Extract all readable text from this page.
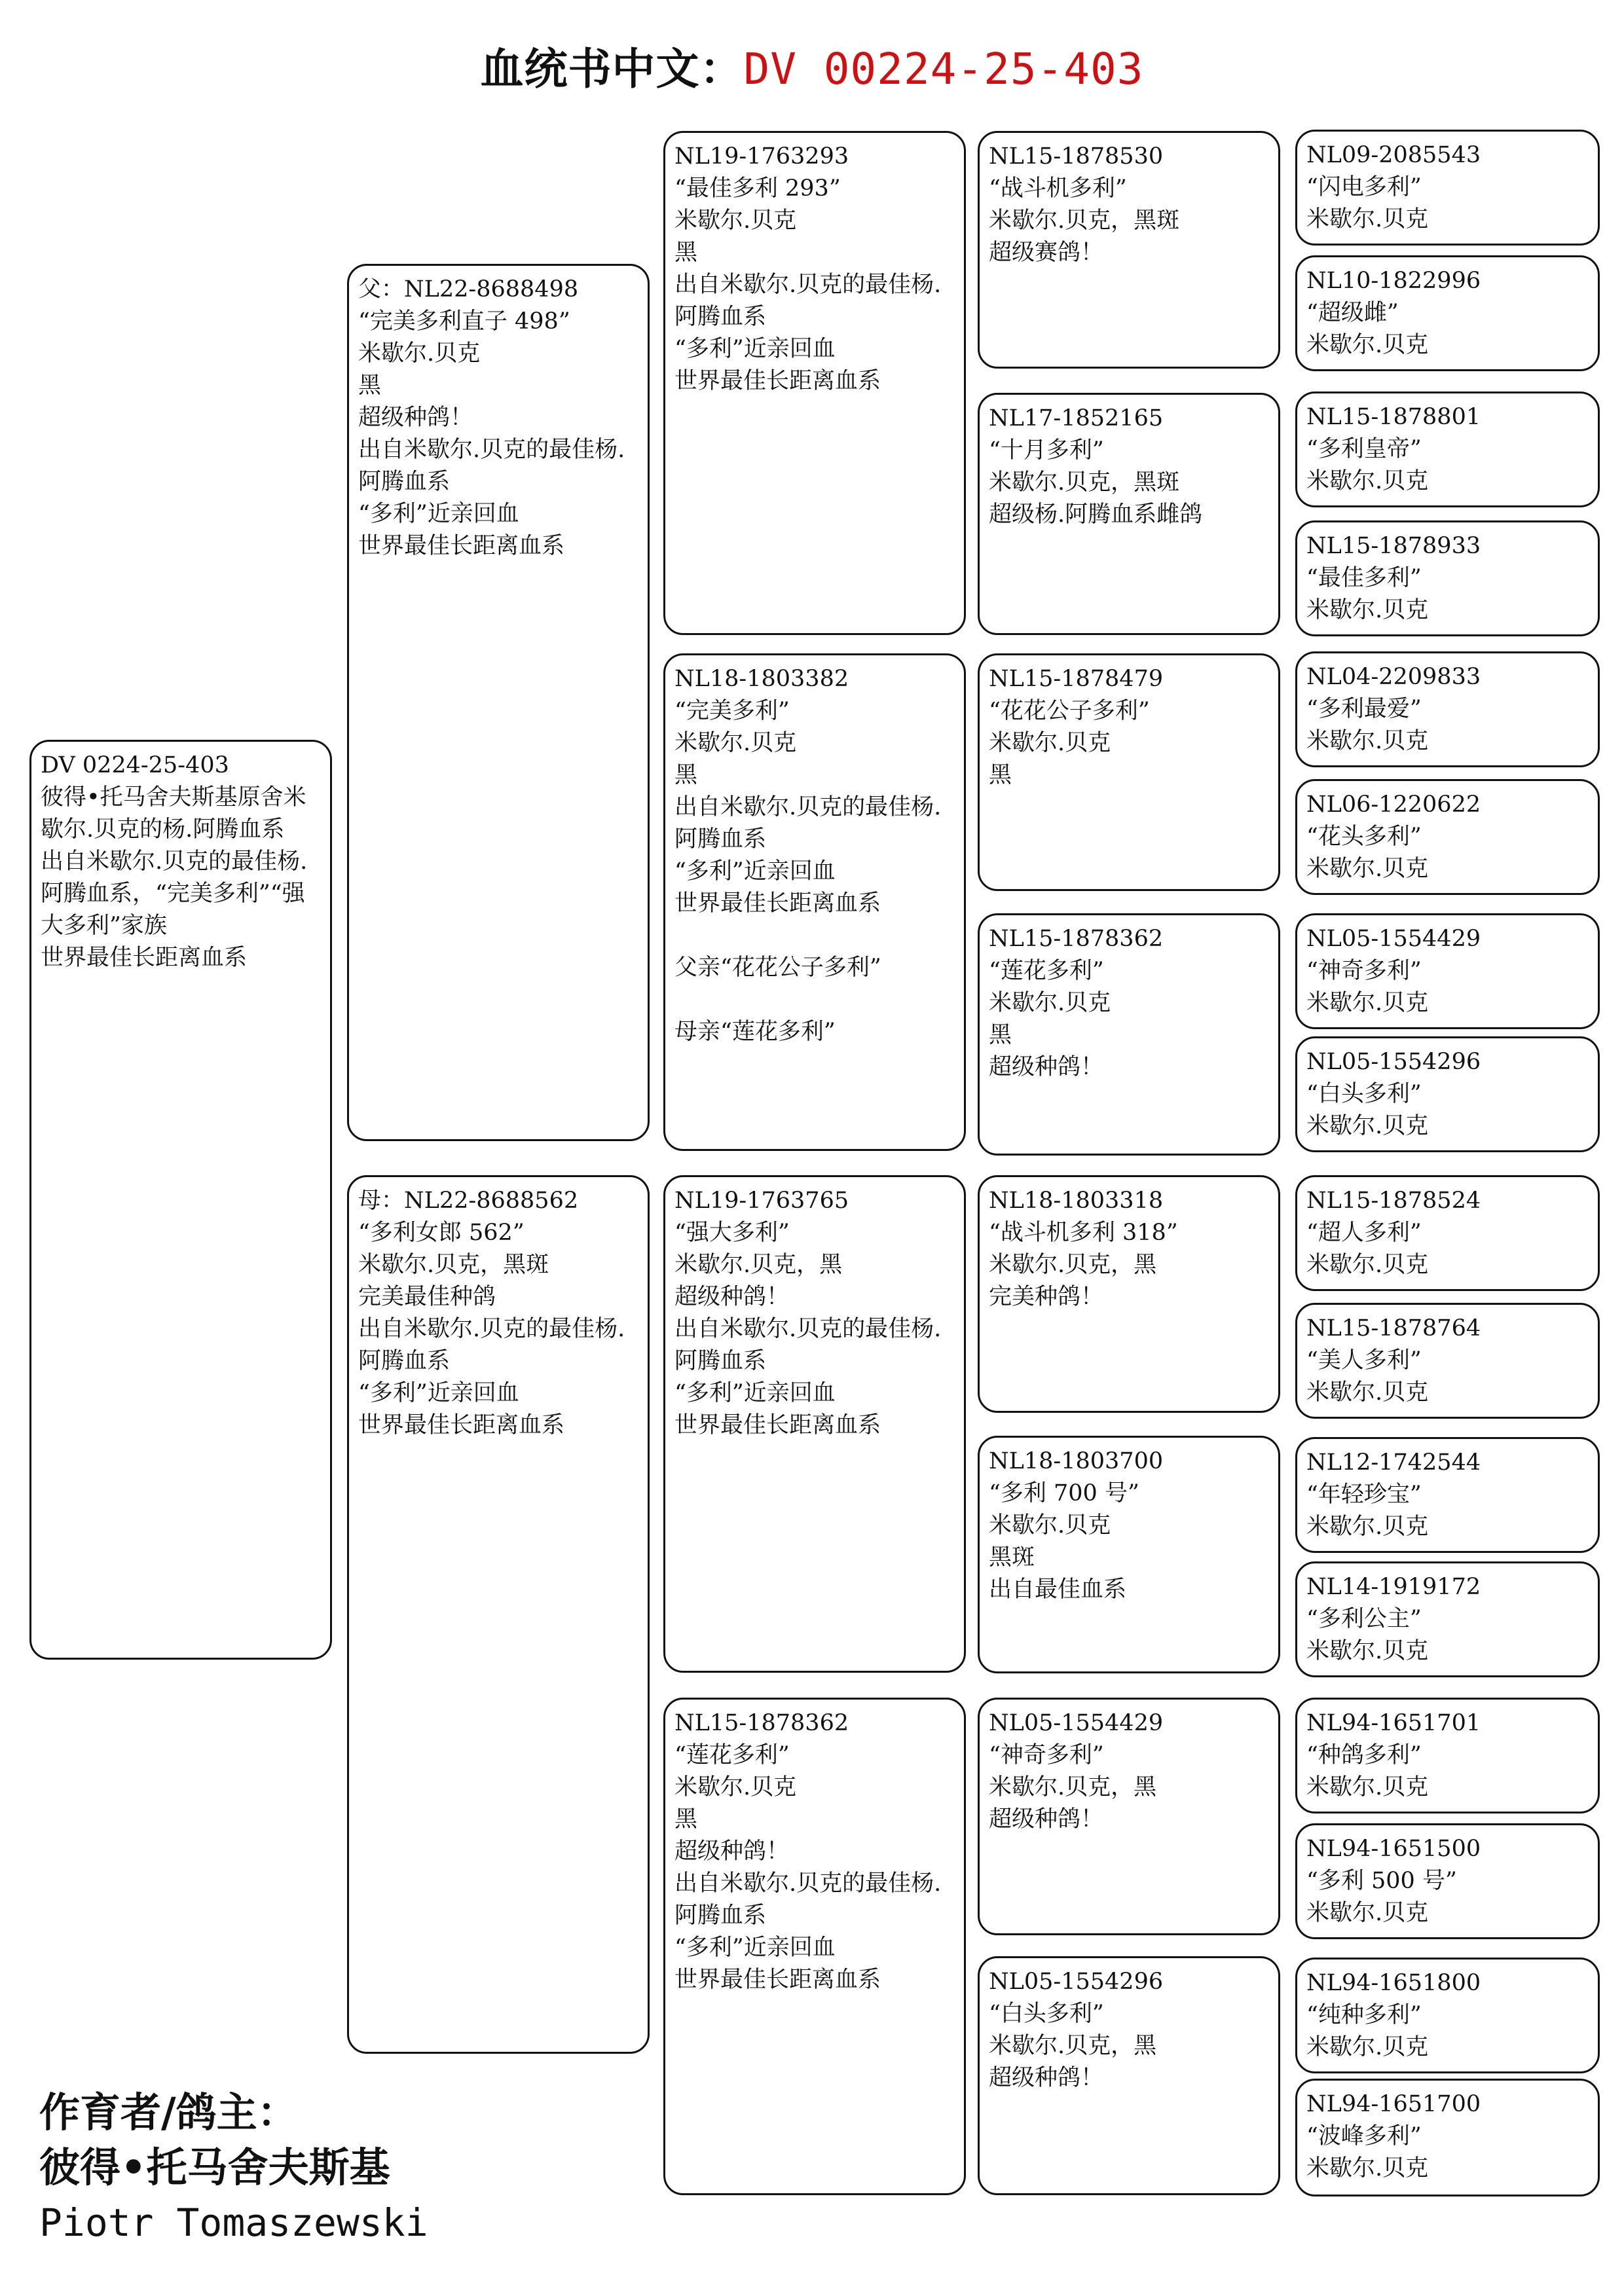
血统书中文：DV 00224-25-403
DV 0224-25-403
彼得•托马舍夫斯基原舍米歇尔.贝克的杨.阿腾血系
出自米歇尔.贝克的最佳杨.阿腾血系，“完美多利”“强大多利”家族
世界最佳长距离血系
父：NL22-8688498
“完美多利直子 498”
米歇尔.贝克
黑
超级种鸽！
出自米歇尔.贝克的最佳杨.阿腾血系
“多利”近亲回血
世界最佳长距离血系
母：NL22-8688562
“多利女郎 562”
米歇尔.贝克，黑斑
完美最佳种鸽
出自米歇尔.贝克的最佳杨.阿腾血系
“多利”近亲回血
世界最佳长距离血系
NL19-1763293
“最佳多利 293”
米歇尔.贝克
黑
出自米歇尔.贝克的最佳杨.阿腾血系
“多利”近亲回血
世界最佳长距离血系
NL18-1803382
“完美多利”
米歇尔.贝克
黑
出自米歇尔.贝克的最佳杨.阿腾血系
“多利”近亲回血
世界最佳长距离血系
父亲“花花公子多利”
母亲“莲花多利”
NL19-1763765
“强大多利”
米歇尔.贝克，黑
超级种鸽！
出自米歇尔.贝克的最佳杨.阿腾血系
“多利”近亲回血
世界最佳长距离血系
NL15-1878362
“莲花多利”
米歇尔.贝克
黑
超级种鸽！
出自米歇尔.贝克的最佳杨.阿腾血系
“多利”近亲回血
世界最佳长距离血系
NL15-1878530
“战斗机多利”
米歇尔.贝克，黑斑
超级赛鸽！
NL17-1852165
“十月多利”
米歇尔.贝克，黑斑
超级杨.阿腾血系雌鸽
NL15-1878479
“花花公子多利”
米歇尔.贝克
黑
NL15-1878362
“莲花多利”
米歇尔.贝克
黑
超级种鸽！
NL18-1803318
“战斗机多利 318”
米歇尔.贝克，黑
完美种鸽！
NL18-1803700
“多利 700 号”
米歇尔.贝克
黑斑
出自最佳血系
NL05-1554429
“神奇多利”
米歇尔.贝克，黑
超级种鸽！
NL05-1554296
“白头多利”
米歇尔.贝克，黑
超级种鸽！
NL09-2085543
“闪电多利”
米歇尔.贝克
NL10-1822996
“超级雌”
米歇尔.贝克
NL15-1878801
“多利皇帝”
米歇尔.贝克
NL15-1878933
“最佳多利”
米歇尔.贝克
NL04-2209833
“多利最爱”
米歇尔.贝克
NL06-1220622
“花头多利”
米歇尔.贝克
NL05-1554429
“神奇多利”
米歇尔.贝克
NL05-1554296
“白头多利”
米歇尔.贝克
NL15-1878524
“超人多利”
米歇尔.贝克
NL15-1878764
“美人多利”
米歇尔.贝克
NL12-1742544
“年轻珍宝”
米歇尔.贝克
NL14-1919172
“多利公主”
米歇尔.贝克
NL94-1651701
“种鸽多利”
米歇尔.贝克
NL94-1651500
“多利 500 号”
米歇尔.贝克
NL94-1651800
“纯种多利”
米歇尔.贝克
NL94-1651700
“波峰多利”
米歇尔.贝克
作育者/鸽主：
彼得•托马舍夫斯基
Piotr Tomaszewski
